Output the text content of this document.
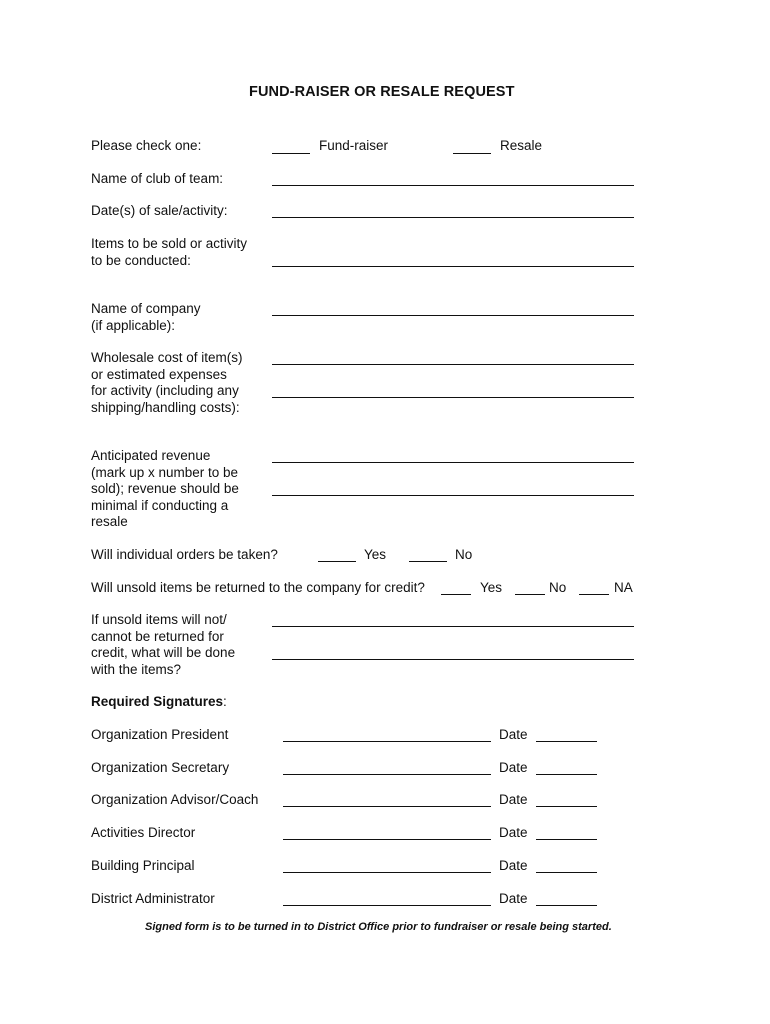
FUND-RAISER OR RESALE REQUEST
Please check one:	Fund-raiser	Resale
Name of club of team:
Date(s) of sale/activity:
Items to be sold or activity
to be conducted:
Name of company
(if applicable):
Wholesale cost of item(s)
or estimated expenses
for activity (including any
shipping/handling costs):
Anticipated revenue
(mark up x number to be
sold); revenue should be
minimal if conducting a
resale
Will individual orders be taken?	Yes	No
Will unsold items be returned to the company for credit?	Yes	No	NA
If unsold items will not/
cannot be returned for
credit, what will be done
with the items?
Required Signatures:
Organization President	Date
Organization Secretary	Date
Organization Advisor/Coach	Date
Activities Director	Date
Building Principal	Date
District Administrator	Date
Signed form is to be turned in to District Office prior to fundraiser or resale being started.
